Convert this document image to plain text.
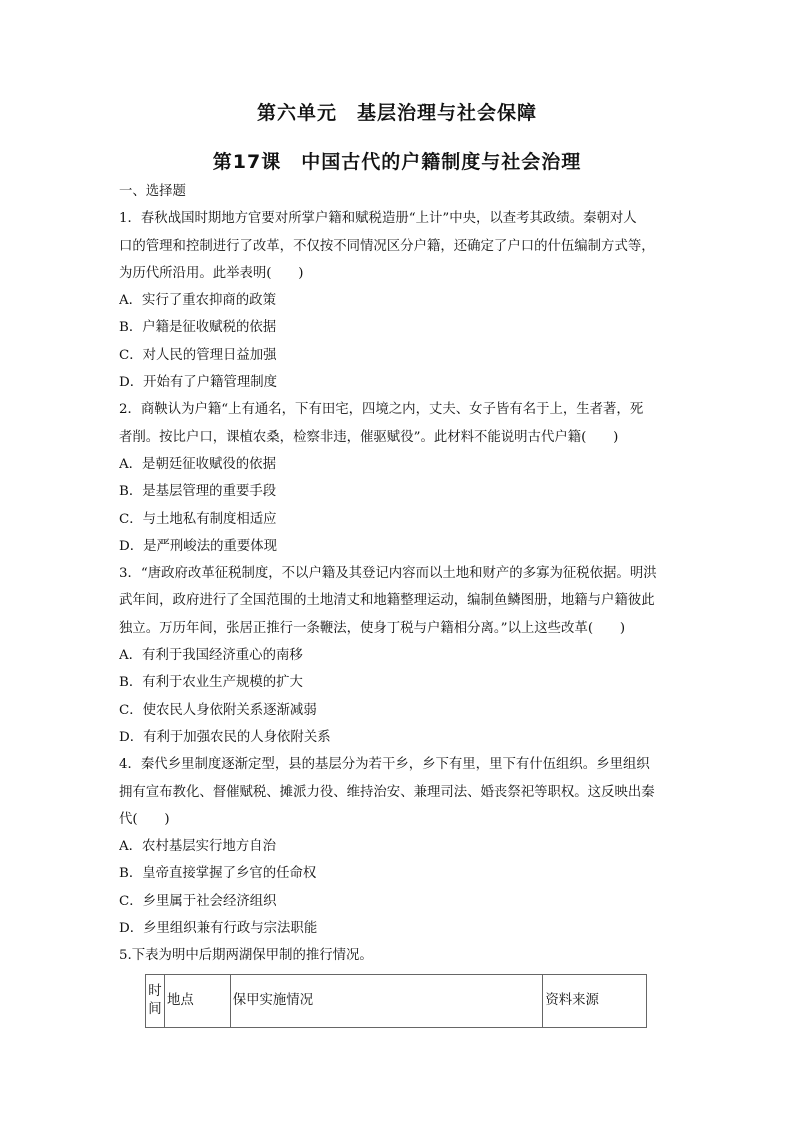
第六单元　基层治理与社会保障
第17课　中国古代的户籍制度与社会治理
一、选择题
1．春秋战国时期地方官要对所掌户籍和赋税造册“上计”中央，以查考其政绩。秦朝对人
口的管理和控制进行了改革，不仅按不同情况区分户籍，还确定了户口的什伍编制方式等，
为历代所沿用。此举表明(　　)
A．实行了重农抑商的政策
B．户籍是征收赋税的依据
C．对人民的管理日益加强
D．开始有了户籍管理制度
2．商鞅认为户籍“上有通名，下有田宅，四境之内，丈夫、女子皆有名于上，生者著，死
者削。按比户口，课植农桑，检察非违，催驱赋役”。此材料不能说明古代户籍(　　)
A．是朝廷征收赋役的依据
B．是基层管理的重要手段
C．与土地私有制度相适应
D．是严刑峻法的重要体现
3．“唐政府改革征税制度，不以户籍及其登记内容而以土地和财产的多寡为征税依据。明洪
武年间，政府进行了全国范围的土地清丈和地籍整理运动，编制鱼鳞图册，地籍与户籍彼此
独立。万历年间，张居正推行一条鞭法，使身丁税与户籍相分离。”以上这些改革(　　)
A．有利于我国经济重心的南移
B．有利于农业生产规模的扩大
C．使农民人身依附关系逐渐减弱
D．有利于加强农民的人身依附关系
4．秦代乡里制度逐渐定型，县的基层分为若干乡，乡下有里，里下有什伍组织。乡里组织
拥有宣布教化、督催赋税、摊派力役、维持治安、兼理司法、婚丧祭祀等职权。这反映出秦
代(　　)
A．农村基层实行地方自治
B．皇帝直接掌握了乡官的任命权
C．乡里属于社会经济组织
D．乡里组织兼有行政与宗法职能
5.下表为明中后期两湖保甲制的推行情况。
时间	地点	保甲实施情况	资料来源
